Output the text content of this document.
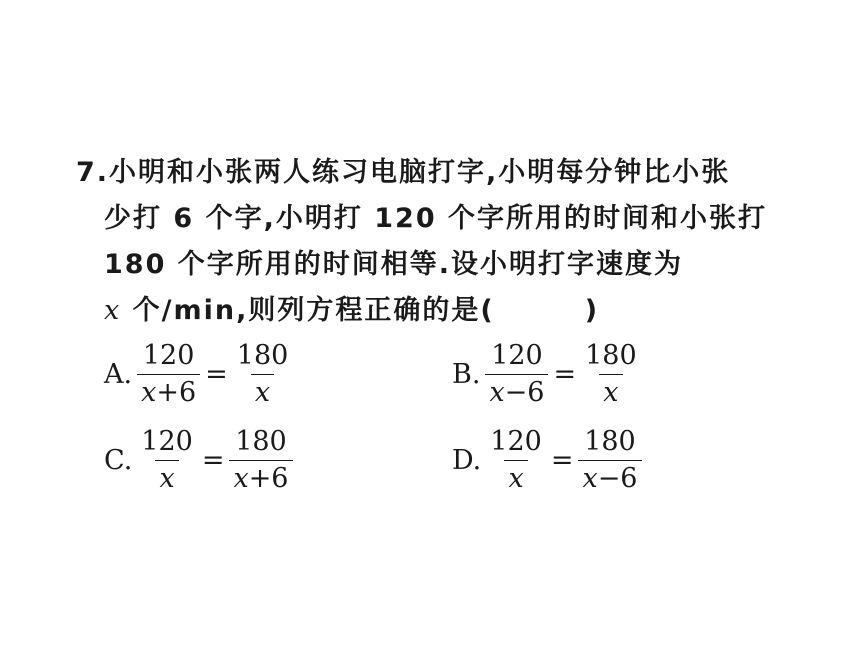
7.小明和小张两人练习电脑打字,小明每分钟比小张
少打 6 个字,小明打 120 个字所用的时间和小张打
180 个字所用的时间相等.设小明打字速度为
x 个/min,则列方程正确的是(	)
A. $\frac{120}{x+6} = \frac{180}{x}$	B. $\frac{120}{x-6} = \frac{180}{x}$
C. $\frac{120}{x} = \frac{180}{x+6}$	D. $\frac{120}{x} = \frac{180}{x-6}$
